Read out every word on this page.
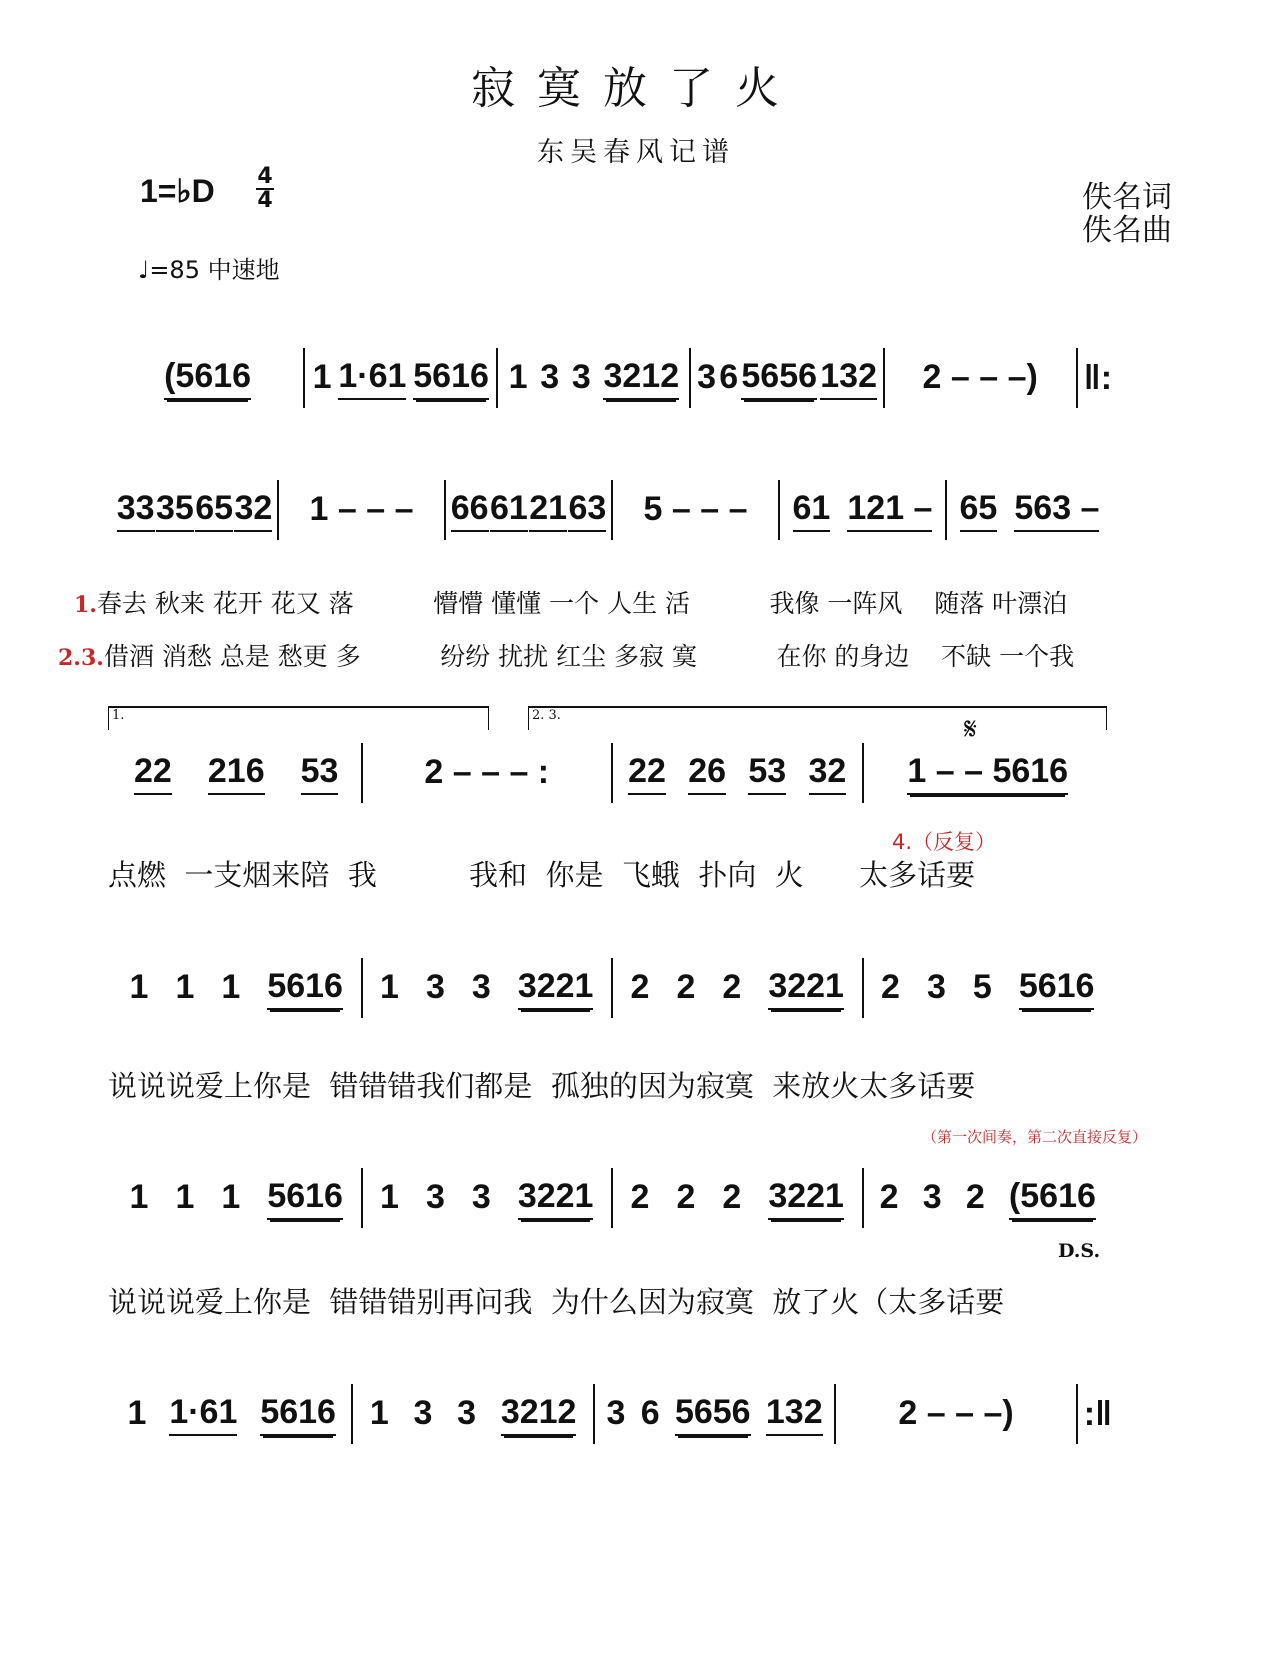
寂寞放了火
东吴春风记谱
1=♭D 4
4
♩=85 中速地
佚名词
佚名曲
(5616 1 1·61 5616 1 3 3 3212 3 6 5656 132 2 – – –) ‖:
33 35 65 32 1 – – – 66 61 21 63 5 – – – 61 121 – 65 563 –
1.春去 秋来 花开 花又 落          懵懵 懂懂 一个 人生 活          我像 一阵风    随落 叶漂泊
2.3.借酒 消愁 总是 愁更 多          纷纷 扰扰 红尘 多寂 寞          在你 的身边    不缺 一个我
1.	2. 3.	𝄋
22 216 53	2 – – – : 22 26 53 32 1 – – 5616
4.（反复）
点燃  一支烟来陪  我          我和  你是  飞蛾  扑向  火      太多话要
1 1 1 5616 1 3 3 3221 2 2 2 3221 2 3 5 5616
说说说爱上你是  错错错我们都是  孤独的因为寂寞  来放火太多话要
（第一次间奏，第二次直接反复）
1 1 1 5616 1 3 3 3221 2 2 2 3221 2 3 2 (5616
D.S.
说说说爱上你是  错错错别再问我  为什么因为寂寞  放了火（太多话要
1 1·61 5616 1 3 3 3212 3 6 5656 132 2 – – –) :‖
